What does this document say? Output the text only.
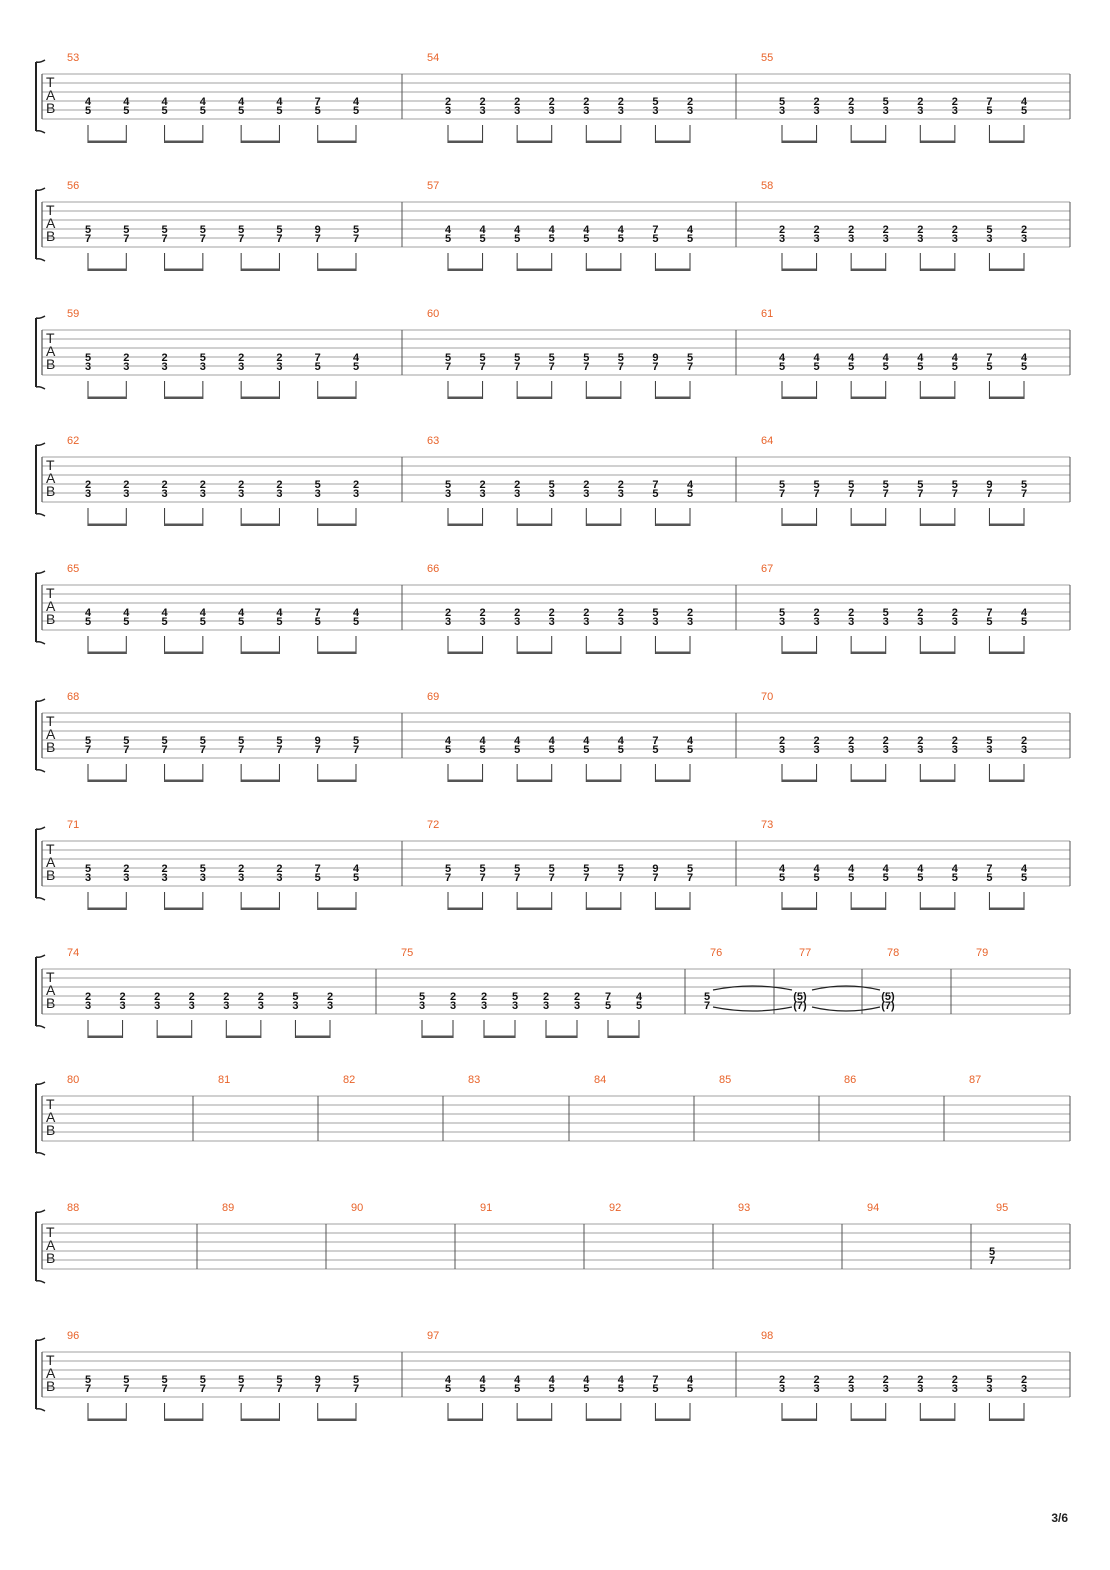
3/6
T
A
B
53
4
5
4
5
4
5
4
5
4
5
4
5
7
5
4
5
54
2
3
2
3
2
3
2
3
2
3
2
3
5
3
2
3
55
5
3
2
3
2
3
5
3
2
3
2
3
7
5
4
5
T
A
B
56
5
7
5
7
5
7
5
7
5
7
5
7
9
7
5
7
57
4
5
4
5
4
5
4
5
4
5
4
5
7
5
4
5
58
2
3
2
3
2
3
2
3
2
3
2
3
5
3
2
3
T
A
B
59
5
3
2
3
2
3
5
3
2
3
2
3
7
5
4
5
60
5
7
5
7
5
7
5
7
5
7
5
7
9
7
5
7
61
4
5
4
5
4
5
4
5
4
5
4
5
7
5
4
5
T
A
B
62
2
3
2
3
2
3
2
3
2
3
2
3
5
3
2
3
63
5
3
2
3
2
3
5
3
2
3
2
3
7
5
4
5
64
5
7
5
7
5
7
5
7
5
7
5
7
9
7
5
7
T
A
B
65
4
5
4
5
4
5
4
5
4
5
4
5
7
5
4
5
66
2
3
2
3
2
3
2
3
2
3
2
3
5
3
2
3
67
5
3
2
3
2
3
5
3
2
3
2
3
7
5
4
5
T
A
B
68
5
7
5
7
5
7
5
7
5
7
5
7
9
7
5
7
69
4
5
4
5
4
5
4
5
4
5
4
5
7
5
4
5
70
2
3
2
3
2
3
2
3
2
3
2
3
5
3
2
3
T
A
B
71
5
3
2
3
2
3
5
3
2
3
2
3
7
5
4
5
72
5
7
5
7
5
7
5
7
5
7
5
7
9
7
5
7
73
4
5
4
5
4
5
4
5
4
5
4
5
7
5
4
5
T
A
B
74
2
3
2
3
2
3
2
3
2
3
2
3
5
3
2
3
75
5
3
2
3
2
3
5
3
2
3
2
3
7
5
4
5
76
5
7
77
(5)
(7)
78
(5)
(7)
79
T
A
B
80	81	82	83	84	85	86	87
T
A
B
88	89	90	91	92	93	94	95
5
7
T
A
B
96
5
7
5
7
5
7
5
7
5
7
5
7
9
7
5
7
97
4
5
4
5
4
5
4
5
4
5
4
5
7
5
4
5
98
2
3
2
3
2
3
2
3
2
3
2
3
5
3
2
3
